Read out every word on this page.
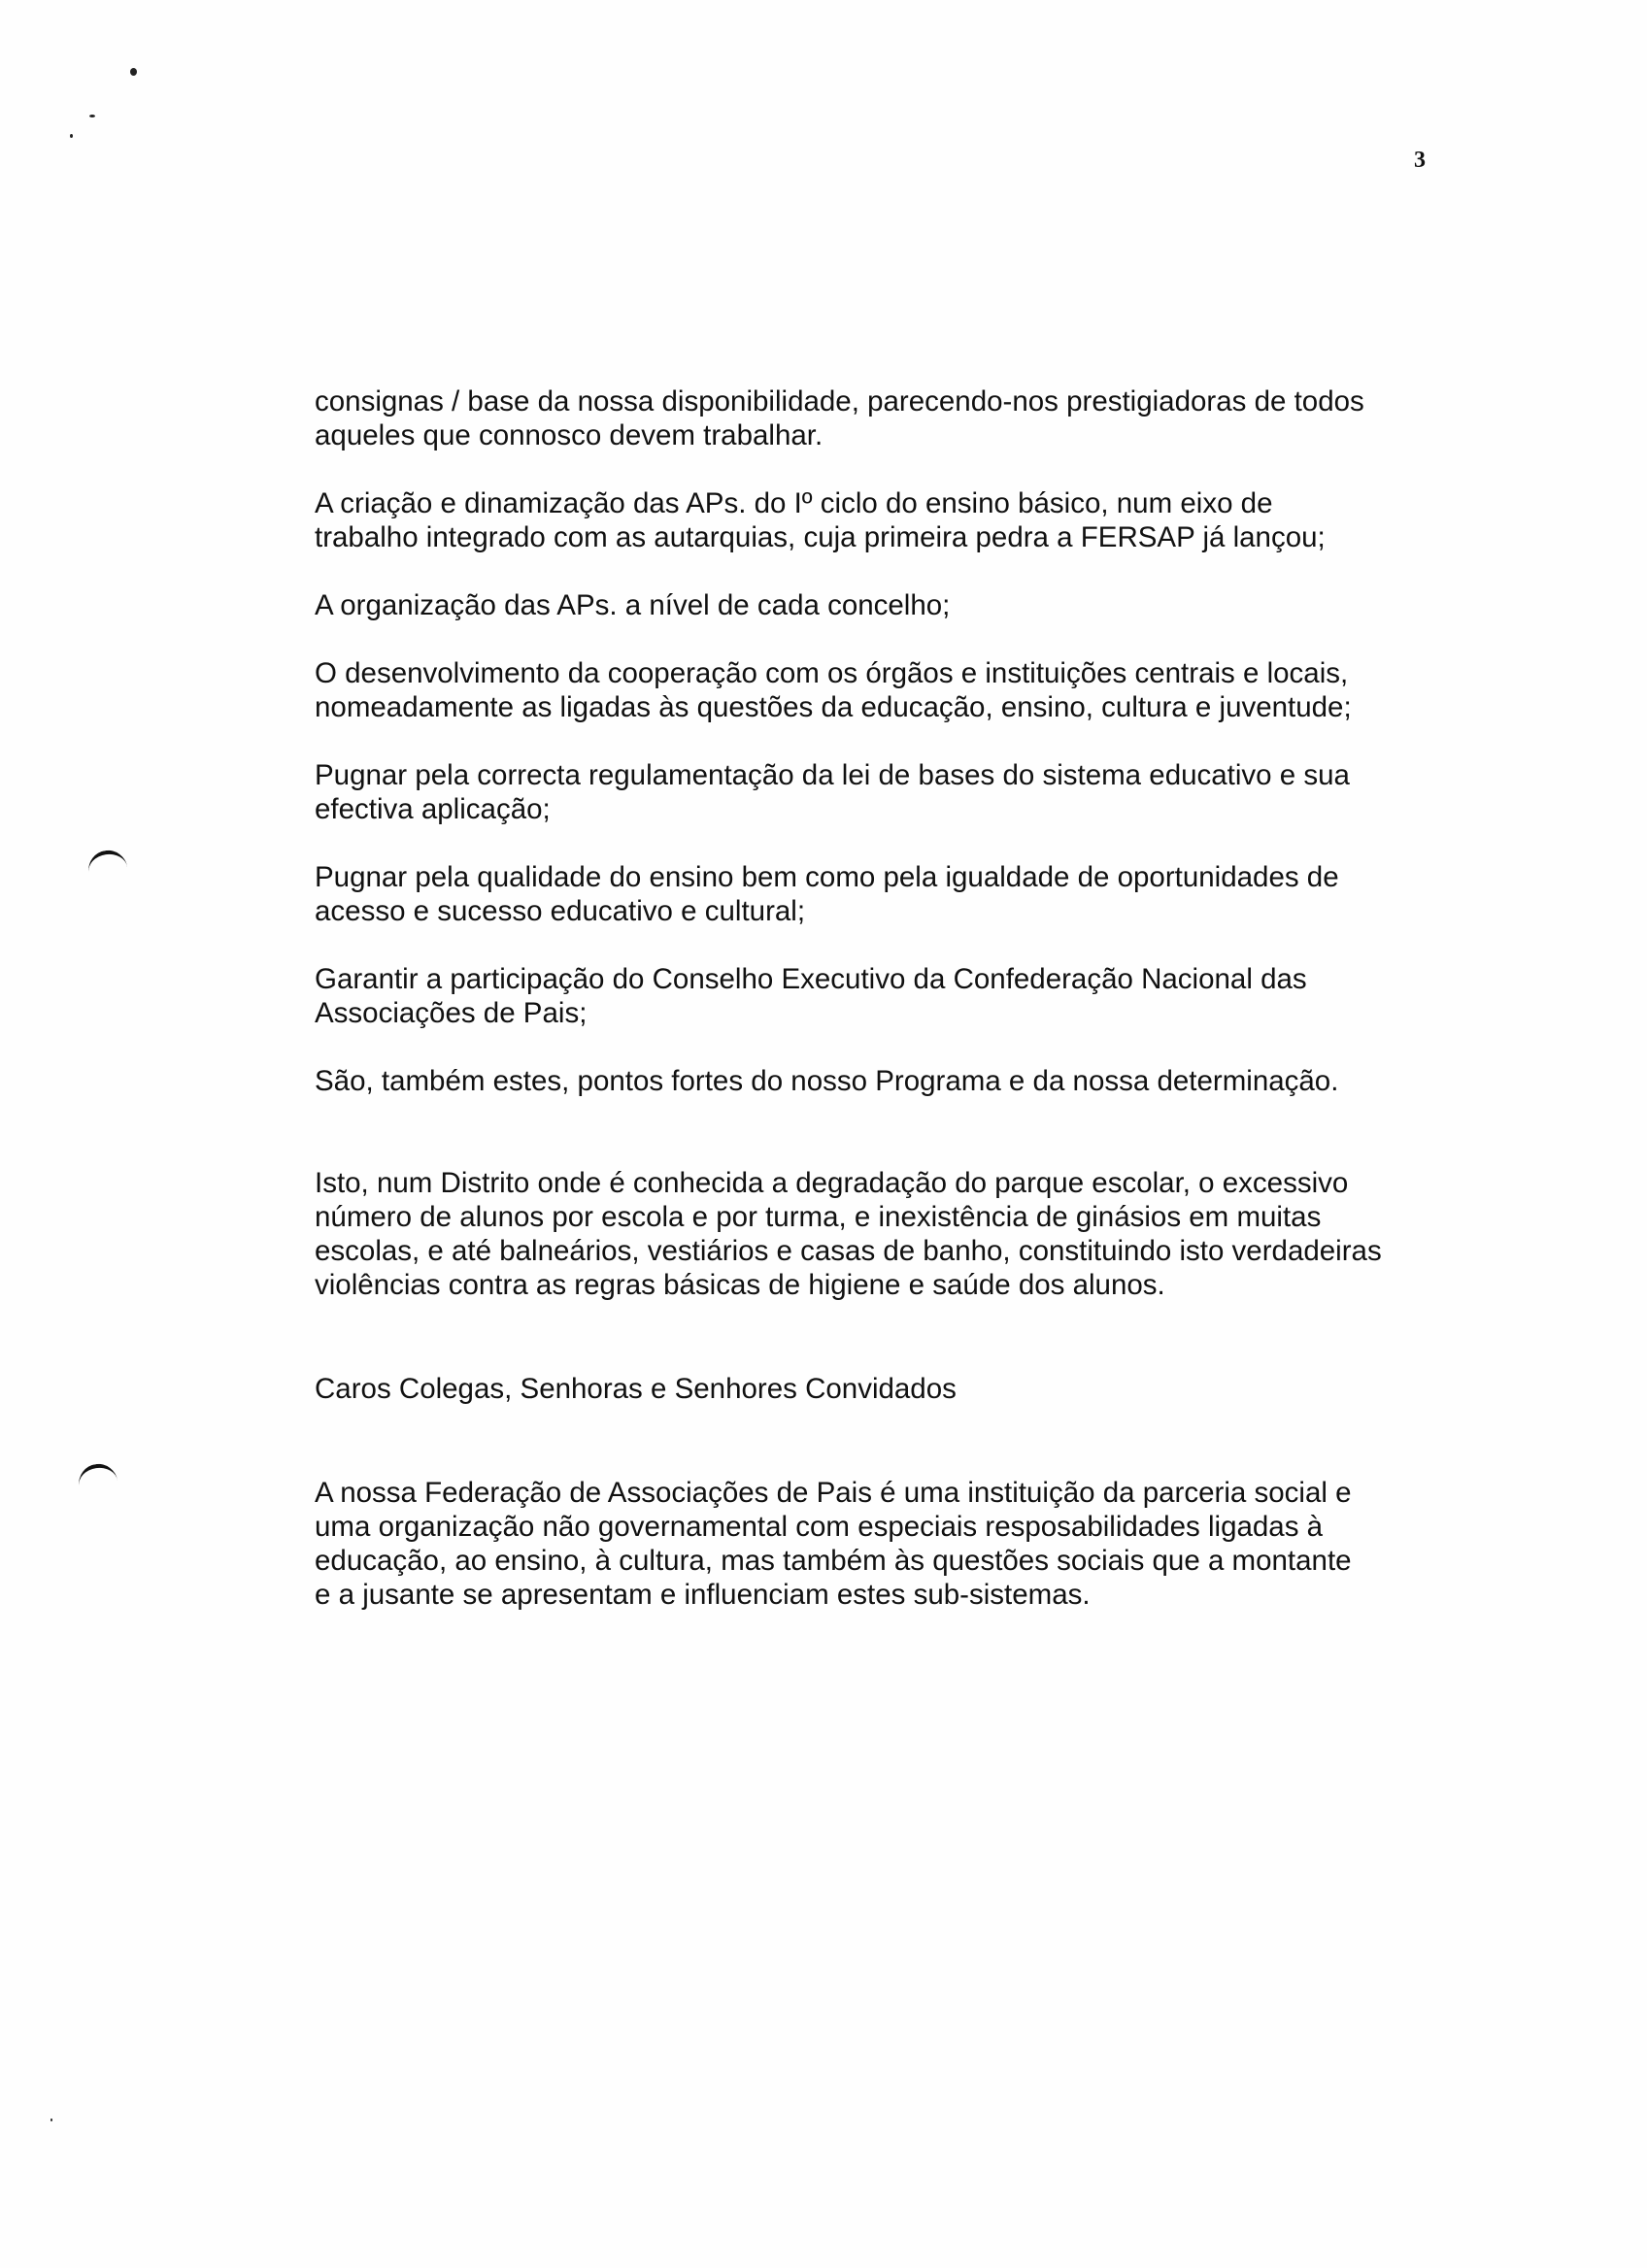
3

consignas / base da nossa disponibilidade, parecendo-nos prestigiadoras de todos
aqueles que connosco devem trabalhar.

A criação e dinamização das APs. do Iº ciclo do ensino básico, num eixo de
trabalho integrado com as autarquias, cuja primeira pedra a FERSAP já lançou;

A organização das APs. a nível de cada concelho;

O desenvolvimento da cooperação com os órgãos e instituições centrais e locais,
nomeadamente as ligadas às questões da educação, ensino, cultura e juventude;

Pugnar pela correcta regulamentação da lei de bases do sistema educativo e sua
efectiva aplicação;

Pugnar pela qualidade do ensino bem como pela igualdade de oportunidades de
acesso e sucesso educativo e cultural;

Garantir a participação do Conselho Executivo da Confederação Nacional das
Associações de Pais;

São, também estes, pontos fortes do nosso Programa e da nossa determinação.

Isto, num Distrito onde é conhecida a degradação do parque escolar, o excessivo
número de alunos por escola e por turma, e inexistência de ginásios em muitas
escolas, e até balneários, vestiários e casas de banho, constituindo isto verdadeiras
violências contra as regras básicas de higiene e saúde dos alunos.

Caros Colegas, Senhoras e Senhores Convidados

A nossa Federação de Associações de Pais é uma instituição da parceria social e
uma organização não governamental com especiais resposabilidades ligadas à
educação, ao ensino, à cultura, mas também às questões sociais que a montante
e a jusante se apresentam e influenciam estes sub-sistemas.
